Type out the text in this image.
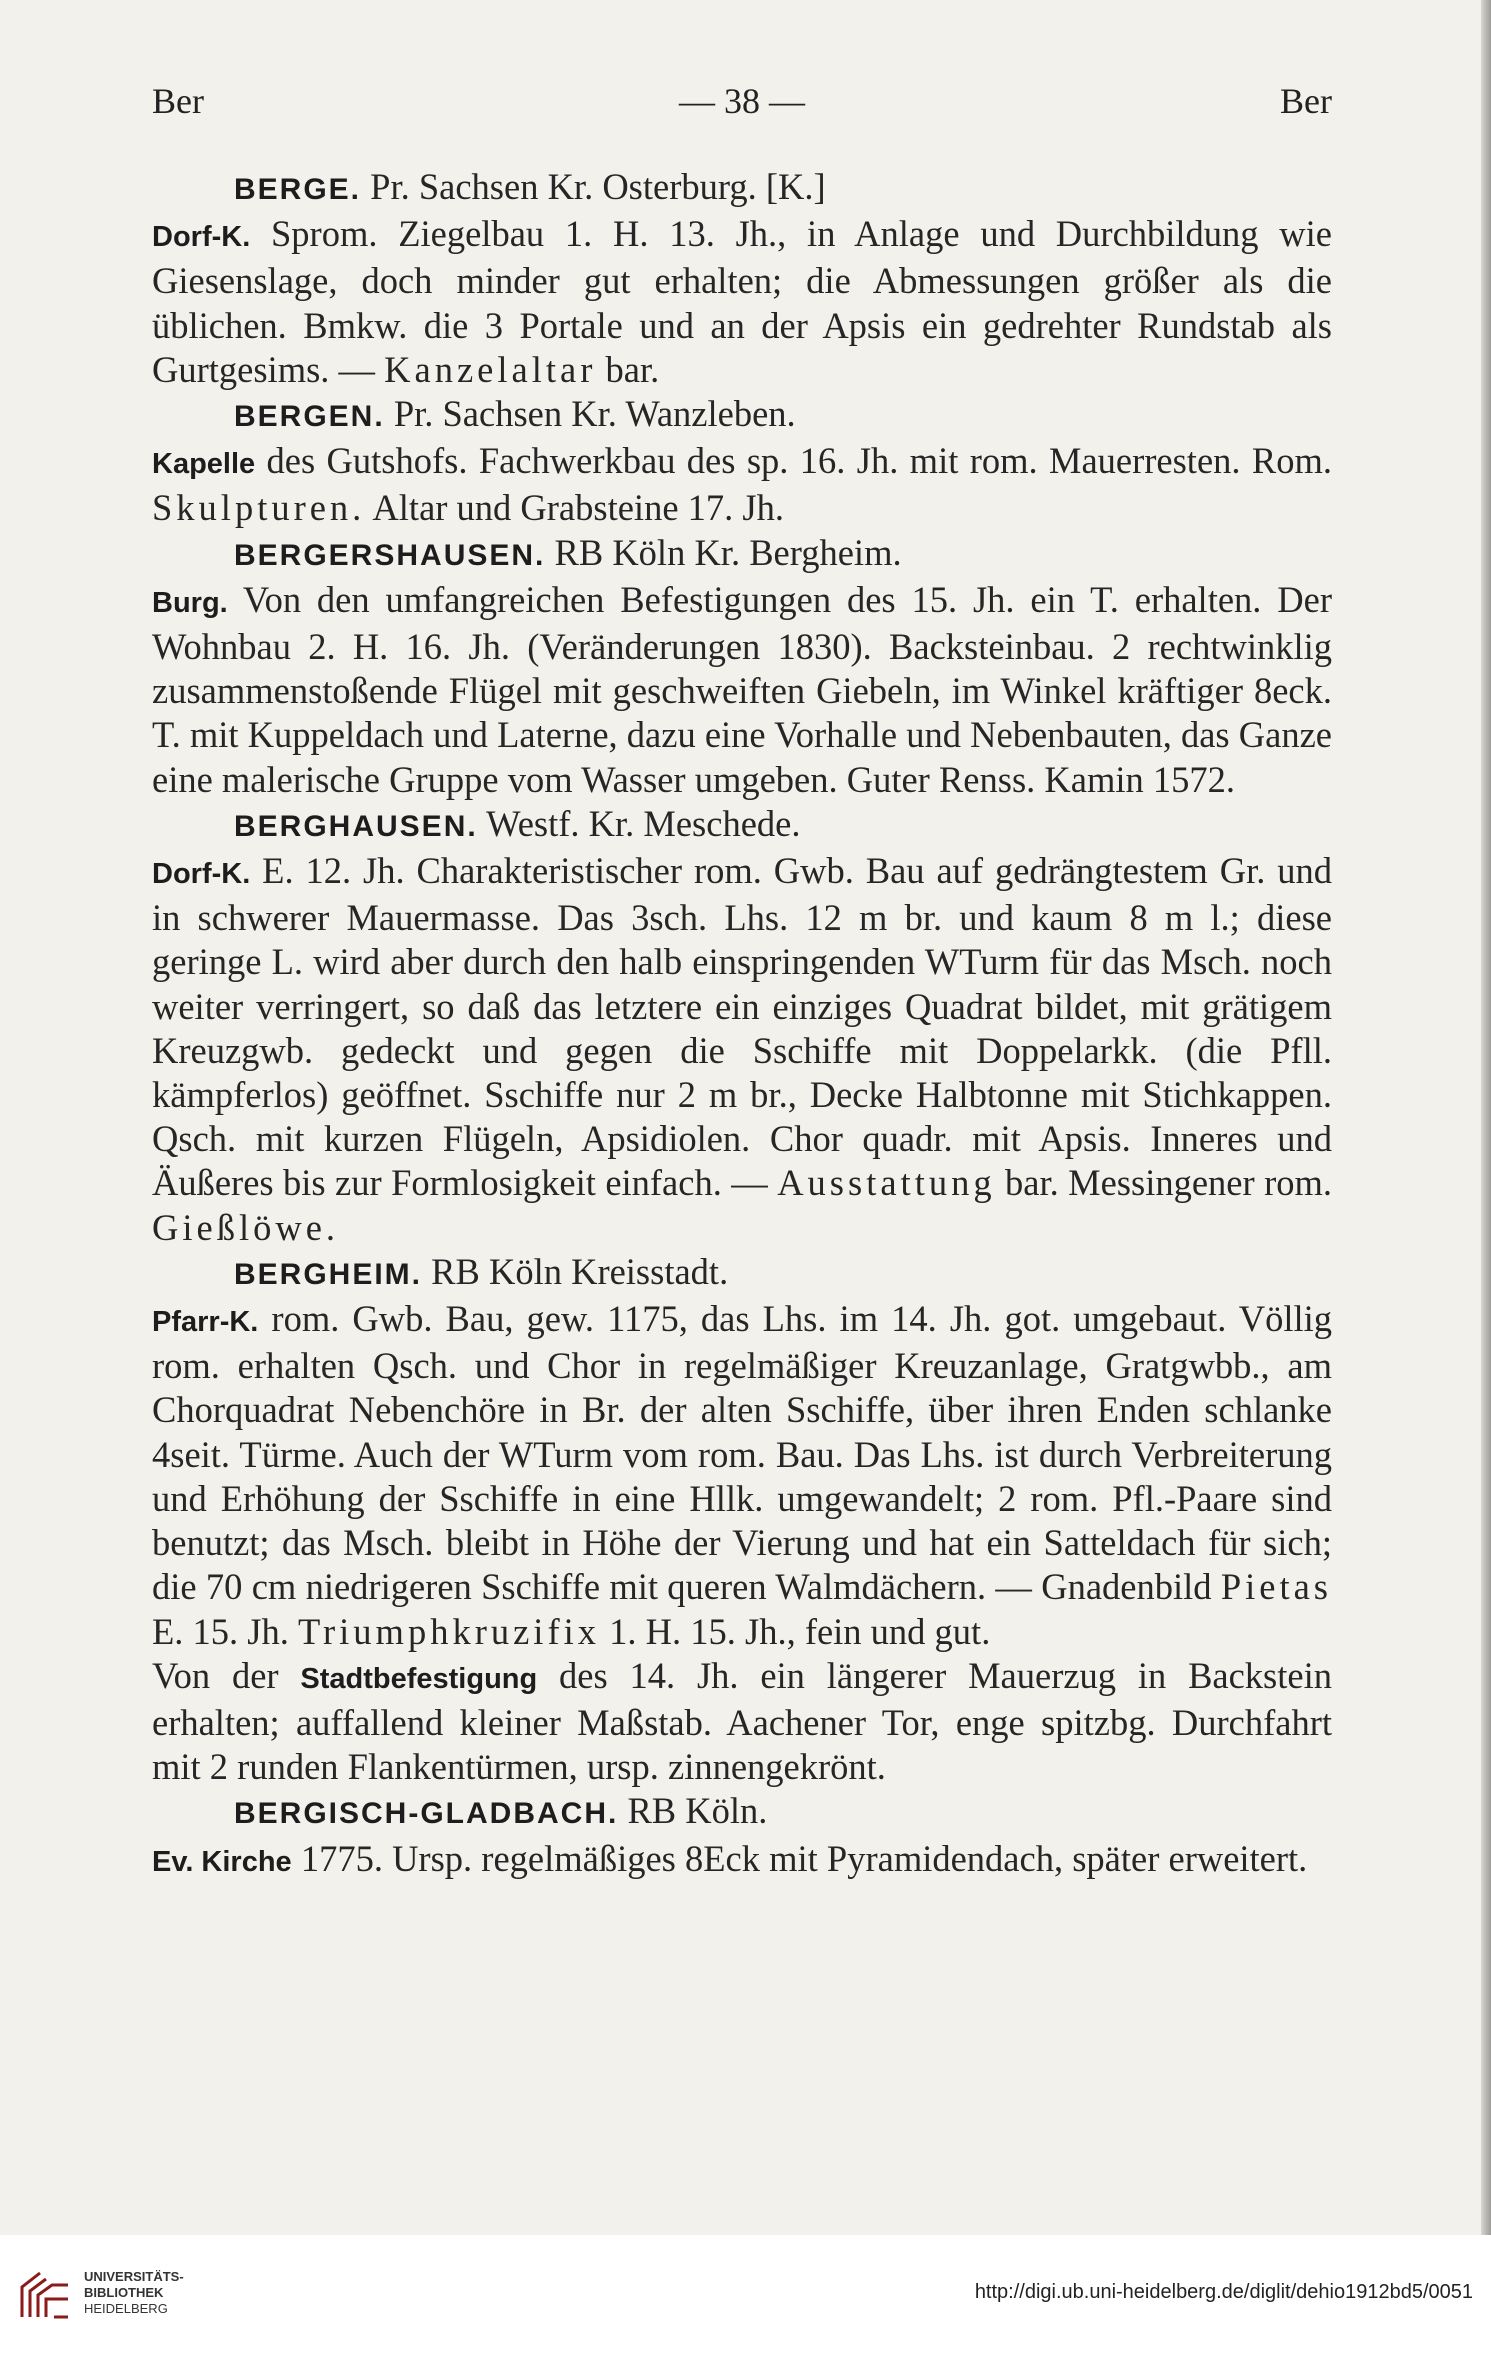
Ber	— 38 —	Ber

BERGE. Pr. Sachsen Kr. Osterburg. [K.]

Dorf-K. Sprom. Ziegelbau 1. H. 13. Jh., in Anlage und Durchbildung wie Giesenslage, doch minder gut erhalten; die Abmessungen größer als die üblichen. Bmkw. die 3 Portale und an der Apsis ein gedrehter Rundstab als Gurtgesims. — Kanzelaltar bar.

BERGEN. Pr. Sachsen Kr. Wanzleben.

Kapelle des Gutshofs. Fachwerkbau des sp. 16. Jh. mit rom. Mauerresten. Rom. Skulpturen. Altar und Grabsteine 17. Jh.

BERGERSHAUSEN. RB Köln Kr. Bergheim.

Burg. Von den umfangreichen Befestigungen des 15. Jh. ein T. erhalten. Der Wohnbau 2. H. 16. Jh. (Veränderungen 1830). Backsteinbau. 2 rechtwinklig zusammenstoßende Flügel mit geschweiften Giebeln, im Winkel kräftiger 8eck. T. mit Kuppeldach und Laterne, dazu eine Vorhalle und Nebenbauten, das Ganze eine malerische Gruppe vom Wasser umgeben. Guter Renss. Kamin 1572.

BERGHAUSEN. Westf. Kr. Meschede.

Dorf-K. E. 12. Jh. Charakteristischer rom. Gwb. Bau auf gedrängtestem Gr. und in schwerer Mauermasse. Das 3sch. Lhs. 12 m br. und kaum 8 m l.; diese geringe L. wird aber durch den halb einspringenden WTurm für das Msch. noch weiter verringert, so daß das letztere ein einziges Quadrat bildet, mit grätigem Kreuzgwb. gedeckt und gegen die Sschiffe mit Doppelarkk. (die Pfll. kämpferlos) geöffnet. Sschiffe nur 2 m br., Decke Halbtonne mit Stichkappen. Qsch. mit kurzen Flügeln, Apsidiolen. Chor quadr. mit Apsis. Inneres und Äußeres bis zur Formlosigkeit einfach. — Ausstattung bar. Messingener rom. Gießlöwe.

BERGHEIM. RB Köln Kreisstadt.

Pfarr-K. rom. Gwb. Bau, gew. 1175, das Lhs. im 14. Jh. got. umgebaut. Völlig rom. erhalten Qsch. und Chor in regelmäßiger Kreuzanlage, Gratgwbb., am Chorquadrat Nebenchöre in Br. der alten Sschiffe, über ihren Enden schlanke 4seit. Türme. Auch der WTurm vom rom. Bau. Das Lhs. ist durch Verbreiterung und Erhöhung der Sschiffe in eine Hllk. umgewandelt; 2 rom. Pfl.-Paare sind benutzt; das Msch. bleibt in Höhe der Vierung und hat ein Satteldach für sich; die 70 cm niedrigeren Sschiffe mit queren Walmdächern. — Gnadenbild Pietas E. 15. Jh. Triumphkruzifix 1. H. 15. Jh., fein und gut.

Von der Stadtbefestigung des 14. Jh. ein längerer Mauerzug in Backstein erhalten; auffallend kleiner Maßstab. Aachener Tor, enge spitzbg. Durchfahrt mit 2 runden Flankentürmen, ursp. zinnengekrönt.

BERGISCH-GLADBACH. RB Köln.

Ev. Kirche 1775. Ursp. regelmäßiges 8Eck mit Pyramidendach, später erweitert.

UNIVERSITÄTS-
BIBLIOTHEK
HEIDELBERG
http://digi.ub.uni-heidelberg.de/diglit/dehio1912bd5/0051
